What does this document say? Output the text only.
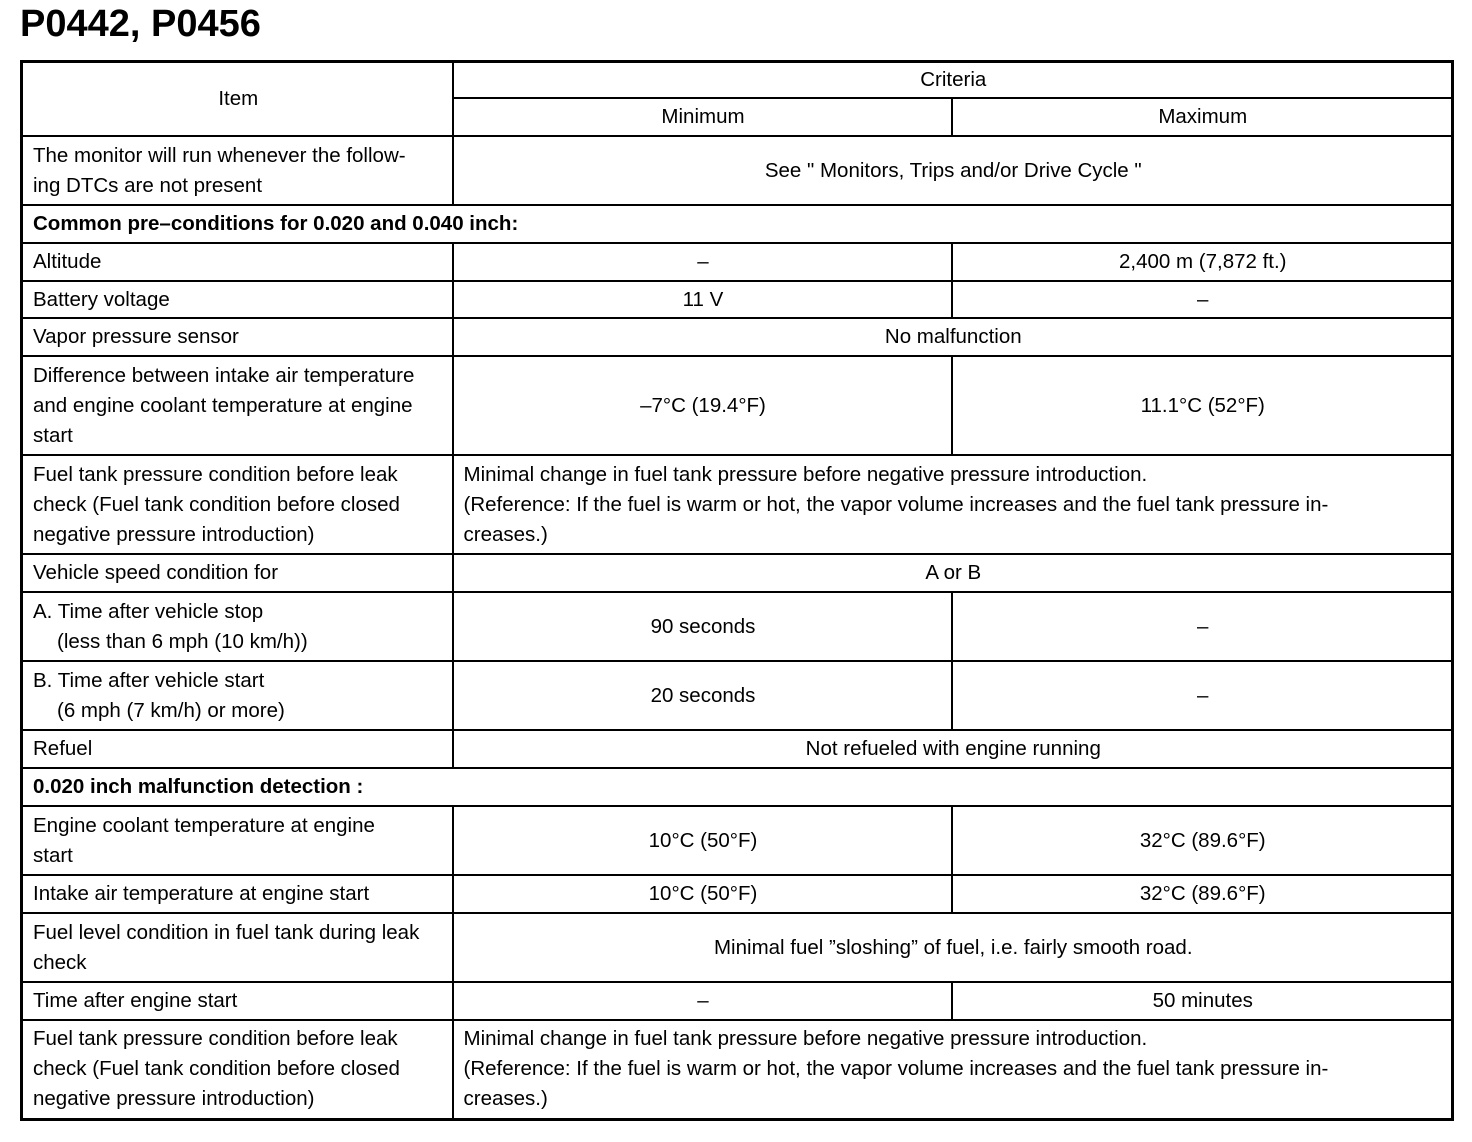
P0442, P0456
Item	Criteria	
	Minimum	Maximum

The monitor will run whenever the follow-
ing DTCs are not present	See " Monitors, Trips and/or Drive Cycle "	
Common pre–conditions for 0.020 and 0.040 inch:		
Altitude	–	2,400 m (7,872 ft.)
Battery voltage	11 V	–
Vapor pressure sensor	No malfunction	

Difference between intake air temperature
and engine coolant temperature at engine
start	–7°C (19.4°F)	11.1°C (52°F)

Fuel tank pressure condition before leak
check (Fuel tank condition before closed
negative pressure introduction)	Minimal change in fuel tank pressure before negative pressure introduction.
(Reference: If the fuel is warm or hot, the vapor volume increases and the fuel tank pressure in-
creases.)	

Vehicle speed condition for	A or B	

A. Time after vehicle stop
(less than 6 mph (10 km/h))	90 seconds	–

B. Time after vehicle start
(6 mph (7 km/h) or more)	20 seconds	–
Refuel	Not refueled with engine running	
0.020 inch malfunction detection :		

Engine coolant temperature at engine
start	10°C (50°F)	32°C (89.6°F)
Intake air temperature at engine start	10°C (50°F)	32°C (89.6°F)

Fuel level condition in fuel tank during leak
check	Minimal fuel ”sloshing” of fuel, i.e. fairly smooth road.	
Time after engine start	–	50 minutes

Fuel tank pressure condition before leak
check (Fuel tank condition before closed
negative pressure introduction)	Minimal change in fuel tank pressure before negative pressure introduction.
(Reference: If the fuel is warm or hot, the vapor volume increases and the fuel tank pressure in-
creases.)	
